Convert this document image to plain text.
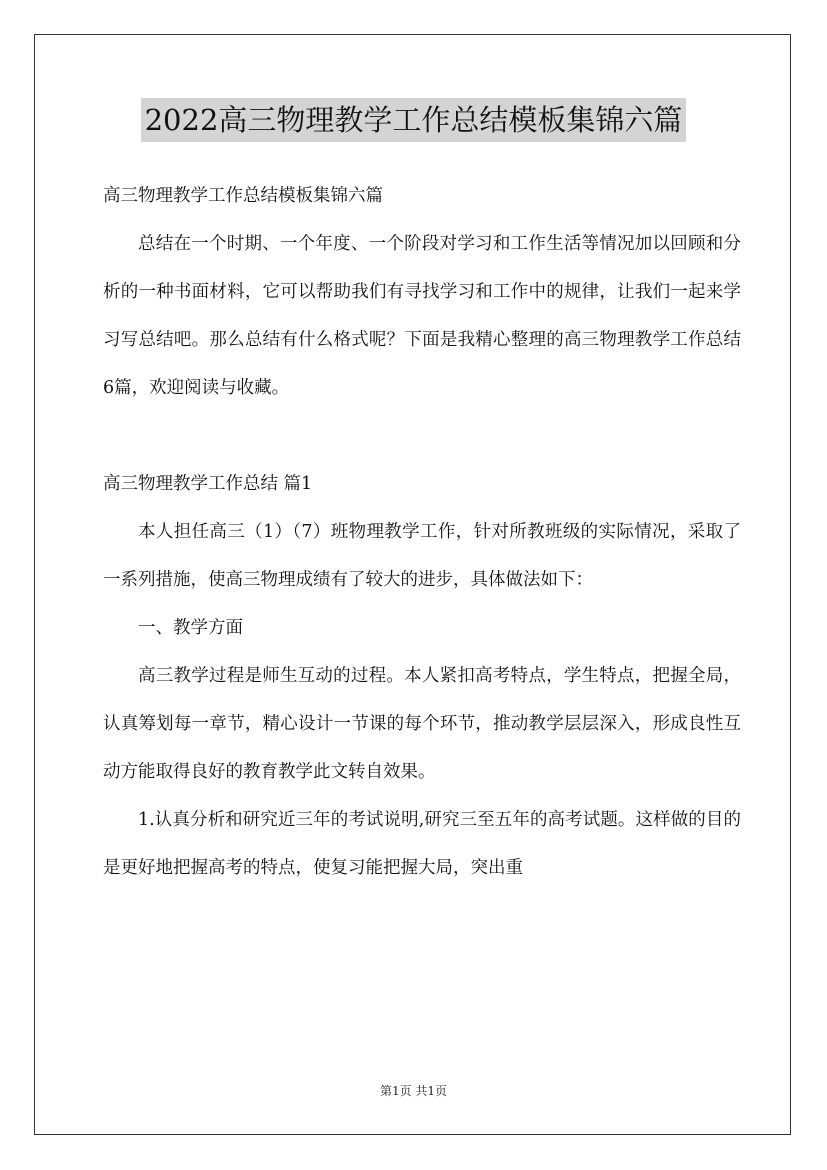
2022高三物理教学工作总结模板集锦六篇

高三物理教学工作总结模板集锦六篇

总结在一个时期、一个年度、一个阶段对学习和工作生活等情况加以回顾和分析的一种书面材料，它可以帮助我们有寻找学习和工作中的规律，让我们一起来学习写总结吧。那么总结有什么格式呢？下面是我精心整理的高三物理教学工作总结6篇，欢迎阅读与收藏。

高三物理教学工作总结 篇1

本人担任高三（1）（7）班物理教学工作，针对所教班级的实际情况，采取了一系列措施，使高三物理成绩有了较大的进步，具体做法如下：

一、教学方面

高三教学过程是师生互动的过程。本人紧扣高考特点，学生特点，把握全局，认真筹划每一章节，精心设计一节课的每个环节，推动教学层层深入，形成良性互动方能取得良好的教育教学此文转自效果。

1.认真分析和研究近三年的考试说明,研究三至五年的高考试题。这样做的目的是更好地把握高考的特点，使复习能把握大局，突出重

第1页 共1页
